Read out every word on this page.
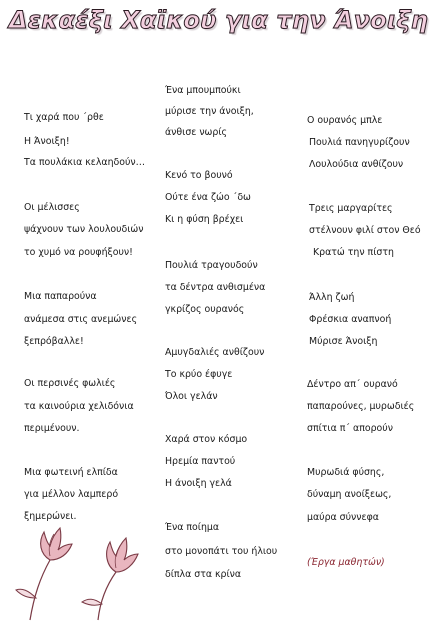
Δεκαέξι Χαϊκού για την Άνοιξη
Τι χαρά που ΄ρθε
Η Άνοιξη!
Τα πουλάκια κελαηδούν…
Οι μέλισσες
ψάχνουν των λουλουδιών
το χυμό να ρουφήξουν!
Μια παπαρούνα
ανάμεσα στις ανεμώνες
ξεπρόβαλλε!
Οι περσινές φωλιές
τα καινούρια χελιδόνια
περιμένουν.
Μια φωτεινή ελπίδα
για μέλλον λαμπερό
ξημερώνει.
Ένα μπουμπούκι
μύρισε την άνοιξη,
άνθισε νωρίς
Κενό το βουνό
Ούτε ένα ζώο ΄δω
Κι η φύση βρέχει
Πουλιά τραγουδούν
τα δέντρα ανθισμένα
γκρίζος ουρανός
Αμυγδαλιές ανθίζουν
Το κρύο έφυγε
Όλοι γελάν
Χαρά στον κόσμο
Ηρεμία παντού
Η άνοιξη γελά
Ένα ποίημα
στο μονοπάτι του ήλιου
δίπλα στα κρίνα
Ο ουρανός μπλε
Πουλιά πανηγυρίζουν
Λουλούδια ανθίζουν
Τρεις μαργαρίτες
στέλνουν φιλί στον Θεό
Κρατώ την πίστη
Άλλη ζωή
Φρέσκια αναπνοή
Μύρισε Άνοιξη
Δέντρο απ΄ ουρανό
παπαρούνες, μυρωδιές
σπίτια π΄ απορούν
Μυρωδιά φύσης,
δύναμη ανοίξεως,
μαύρα σύννεφα
(Έργα μαθητών)
